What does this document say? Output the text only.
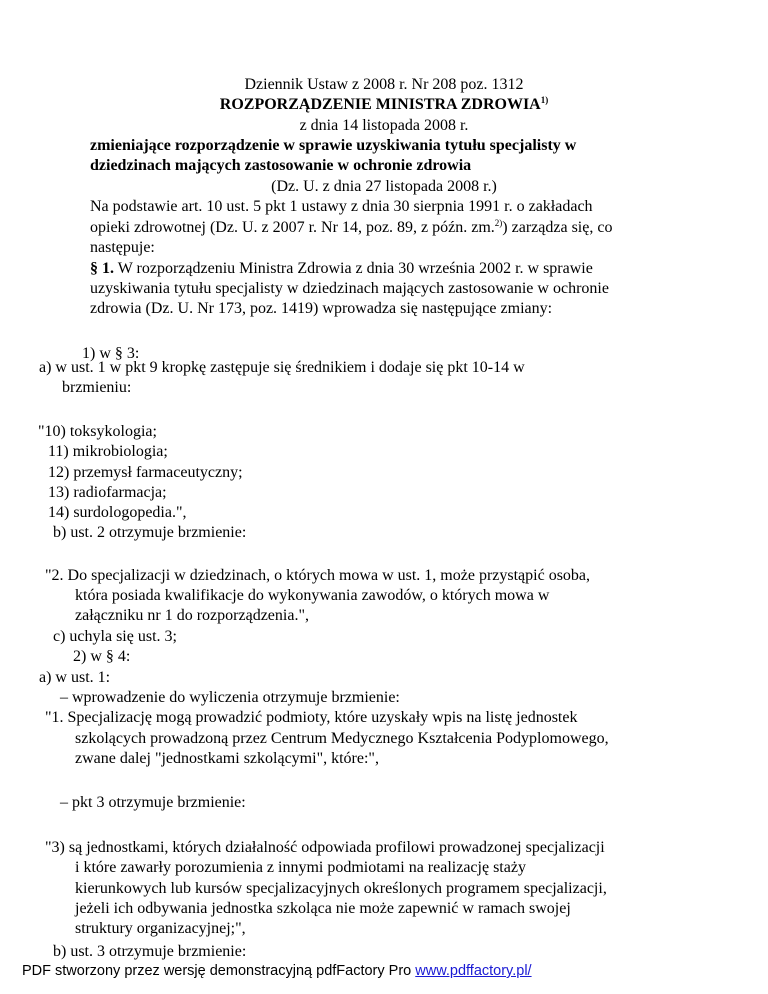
Dziennik Ustaw z 2008 r. Nr 208 poz. 1312
ROZPORZĄDZENIE MINISTRA ZDROWIA$^{1)}$
z dnia 14 listopada 2008 r.
zmieniające rozporządzenie w sprawie uzyskiwania tytułu specjalisty w
dziedzinach mających zastosowanie w ochronie zdrowia
(Dz. U. z dnia 27 listopada 2008 r.)
Na podstawie art. 10 ust. 5 pkt 1 ustawy z dnia 30 sierpnia 1991 r. o zakładach
opieki zdrowotnej (Dz. U. z 2007 r. Nr 14, poz. 89, z późn. zm.$^{2)}$) zarządza się, co
następuje:
§ 1. W rozporządzeniu Ministra Zdrowia z dnia 30 września 2002 r. w sprawie
uzyskiwania tytułu specjalisty w dziedzinach mających zastosowanie w ochronie
zdrowia (Dz. U. Nr 173, poz. 1419) wprowadza się następujące zmiany:
1) w § 3:
a) w ust. 1 w pkt 9 kropkę zastępuje się średnikiem i dodaje się pkt 10-14 w
brzmieniu:
"10) toksykologia;
11) mikrobiologia;
12) przemysł farmaceutyczny;
13) radiofarmacja;
14) surdologopedia.",
b) ust. 2 otrzymuje brzmienie:
"2. Do specjalizacji w dziedzinach, o których mowa w ust. 1, może przystąpić osoba,
która posiada kwalifikacje do wykonywania zawodów, o których mowa w
załączniku nr 1 do rozporządzenia.",
c) uchyla się ust. 3;
2) w § 4:
a) w ust. 1:
– wprowadzenie do wyliczenia otrzymuje brzmienie:
"1. Specjalizację mogą prowadzić podmioty, które uzyskały wpis na listę jednostek
szkolących prowadzoną przez Centrum Medycznego Kształcenia Podyplomowego,
zwane dalej "jednostkami szkolącymi", które:",
– pkt 3 otrzymuje brzmienie:
"3) są jednostkami, których działalność odpowiada profilowi prowadzonej specjalizacji
i które zawarły porozumienia z innymi podmiotami na realizację staży
kierunkowych lub kursów specjalizacyjnych określonych programem specjalizacji,
jeżeli ich odbywania jednostka szkoląca nie może zapewnić w ramach swojej
struktury organizacyjnej;",
b) ust. 3 otrzymuje brzmienie:
PDF stworzony przez wersję demonstracyjną pdfFactory Pro www.pdffactory.pl/
